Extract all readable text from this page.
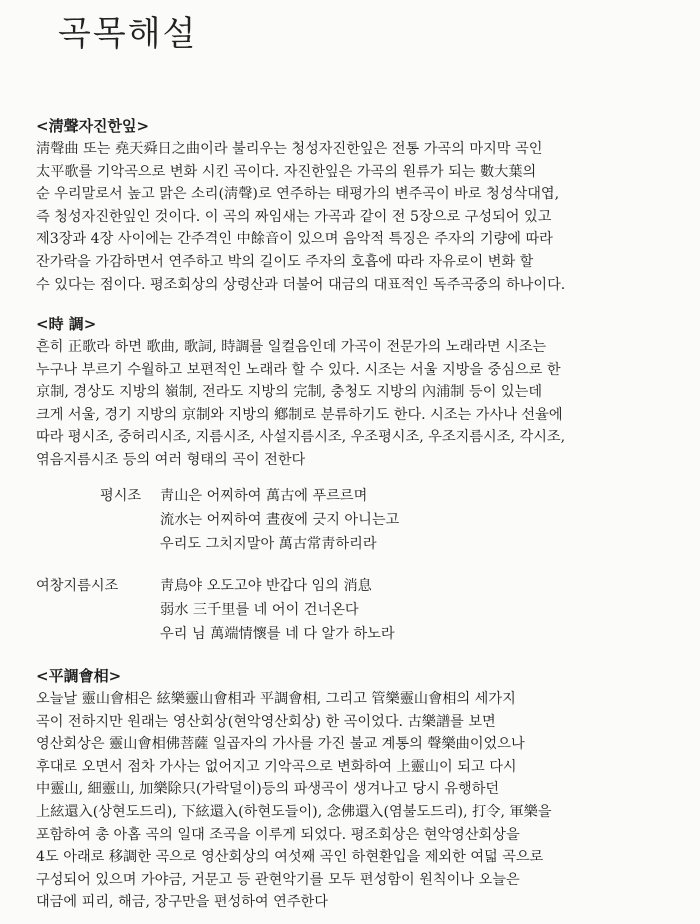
곡목해설
<淸聲자진한잎>
淸聲曲 또는 堯天舜日之曲이라 불리우는 청성자진한잎은 전통 가곡의 마지막 곡인
太平歌를 기악곡으로 변화 시킨 곡이다. 자진한잎은 가곡의 원류가 되는 數大葉의
순 우리말로서 높고 맑은 소리(淸聲)로 연주하는 태평가의 변주곡이 바로 청성삭대엽,
즉 청성자진한잎인 것이다. 이 곡의 짜임새는 가곡과 같이 전 5장으로 구성되어 있고
제3장과 4장 사이에는 간주격인 中餘音이 있으며 음악적 특징은 주자의 기량에 따라
잔가락을 가감하면서 연주하고 박의 길이도 주자의 호흡에 따라 자유로이 변화 할
수 있다는 점이다. 평조회상의 상령산과 더불어 대금의 대표적인 독주곡중의 하나이다.
<時 調>
흔히 正歌라 하면 歌曲, 歌詞, 時調를 일컬음인데 가곡이 전문가의 노래라면 시조는
누구나 부르기 수월하고 보편적인 노래라 할 수 있다. 시조는 서울 지방을 중심으로 한
京制, 경상도 지방의 嶺制, 전라도 지방의 完制, 충청도 지방의 內浦制 등이 있는데
크게 서울, 경기 지방의 京制와 지방의 鄕制로 분류하기도 한다. 시조는 가사나 선율에
따라 평시조, 중허리시조, 지름시조, 사설지름시조, 우조평시조, 우조지름시조, 각시조,
엮음지름시조 등의 여러 형태의 곡이 전한다
평시조 靑山은 어찌하여 萬古에 푸르르며
流水는 어찌하여 晝夜에 긋지 아니는고
우리도 그치지말아 萬古常靑하리라
여창지름시조	靑鳥야 오도고야 반갑다 임의 消息
弱水 三千里를 네 어이 건너온다
우리 님 萬端情懷를 네 다 알가 하노라
<平調會相>
오늘날 靈山會相은 絃樂靈山會相과 平調會相, 그리고 管樂靈山會相의 세가지
곡이 전하지만 원래는 영산회상(현악영산회상) 한 곡이었다. 古樂譜를 보면
영산회상은 靈山會相佛菩薩 일곱자의 가사를 가진 불교 계통의 聲樂曲이었으나
후대로 오면서 점차 가사는 없어지고 기악곡으로 변화하여 上靈山이 되고 다시
中靈山, 細靈山, 加樂除只(가락덜이)등의 파생곡이 생겨나고 당시 유행하던
上絃還入(상현도드리), 下絃還入(하현도들이), 念佛還入(염불도드리), 打令, 軍樂을
포함하여 총 아홉 곡의 일대 조곡을 이루게 되었다. 평조회상은 현악영산회상을
4도 아래로 移調한 곡으로 영산회상의 여섯째 곡인 하현환입을 제외한 여덟 곡으로
구성되어 있으며 가야금, 거문고 등 관현악기를 모두 편성함이 원칙이나 오늘은
대금에 피리, 해금, 장구만을 편성하여 연주한다
